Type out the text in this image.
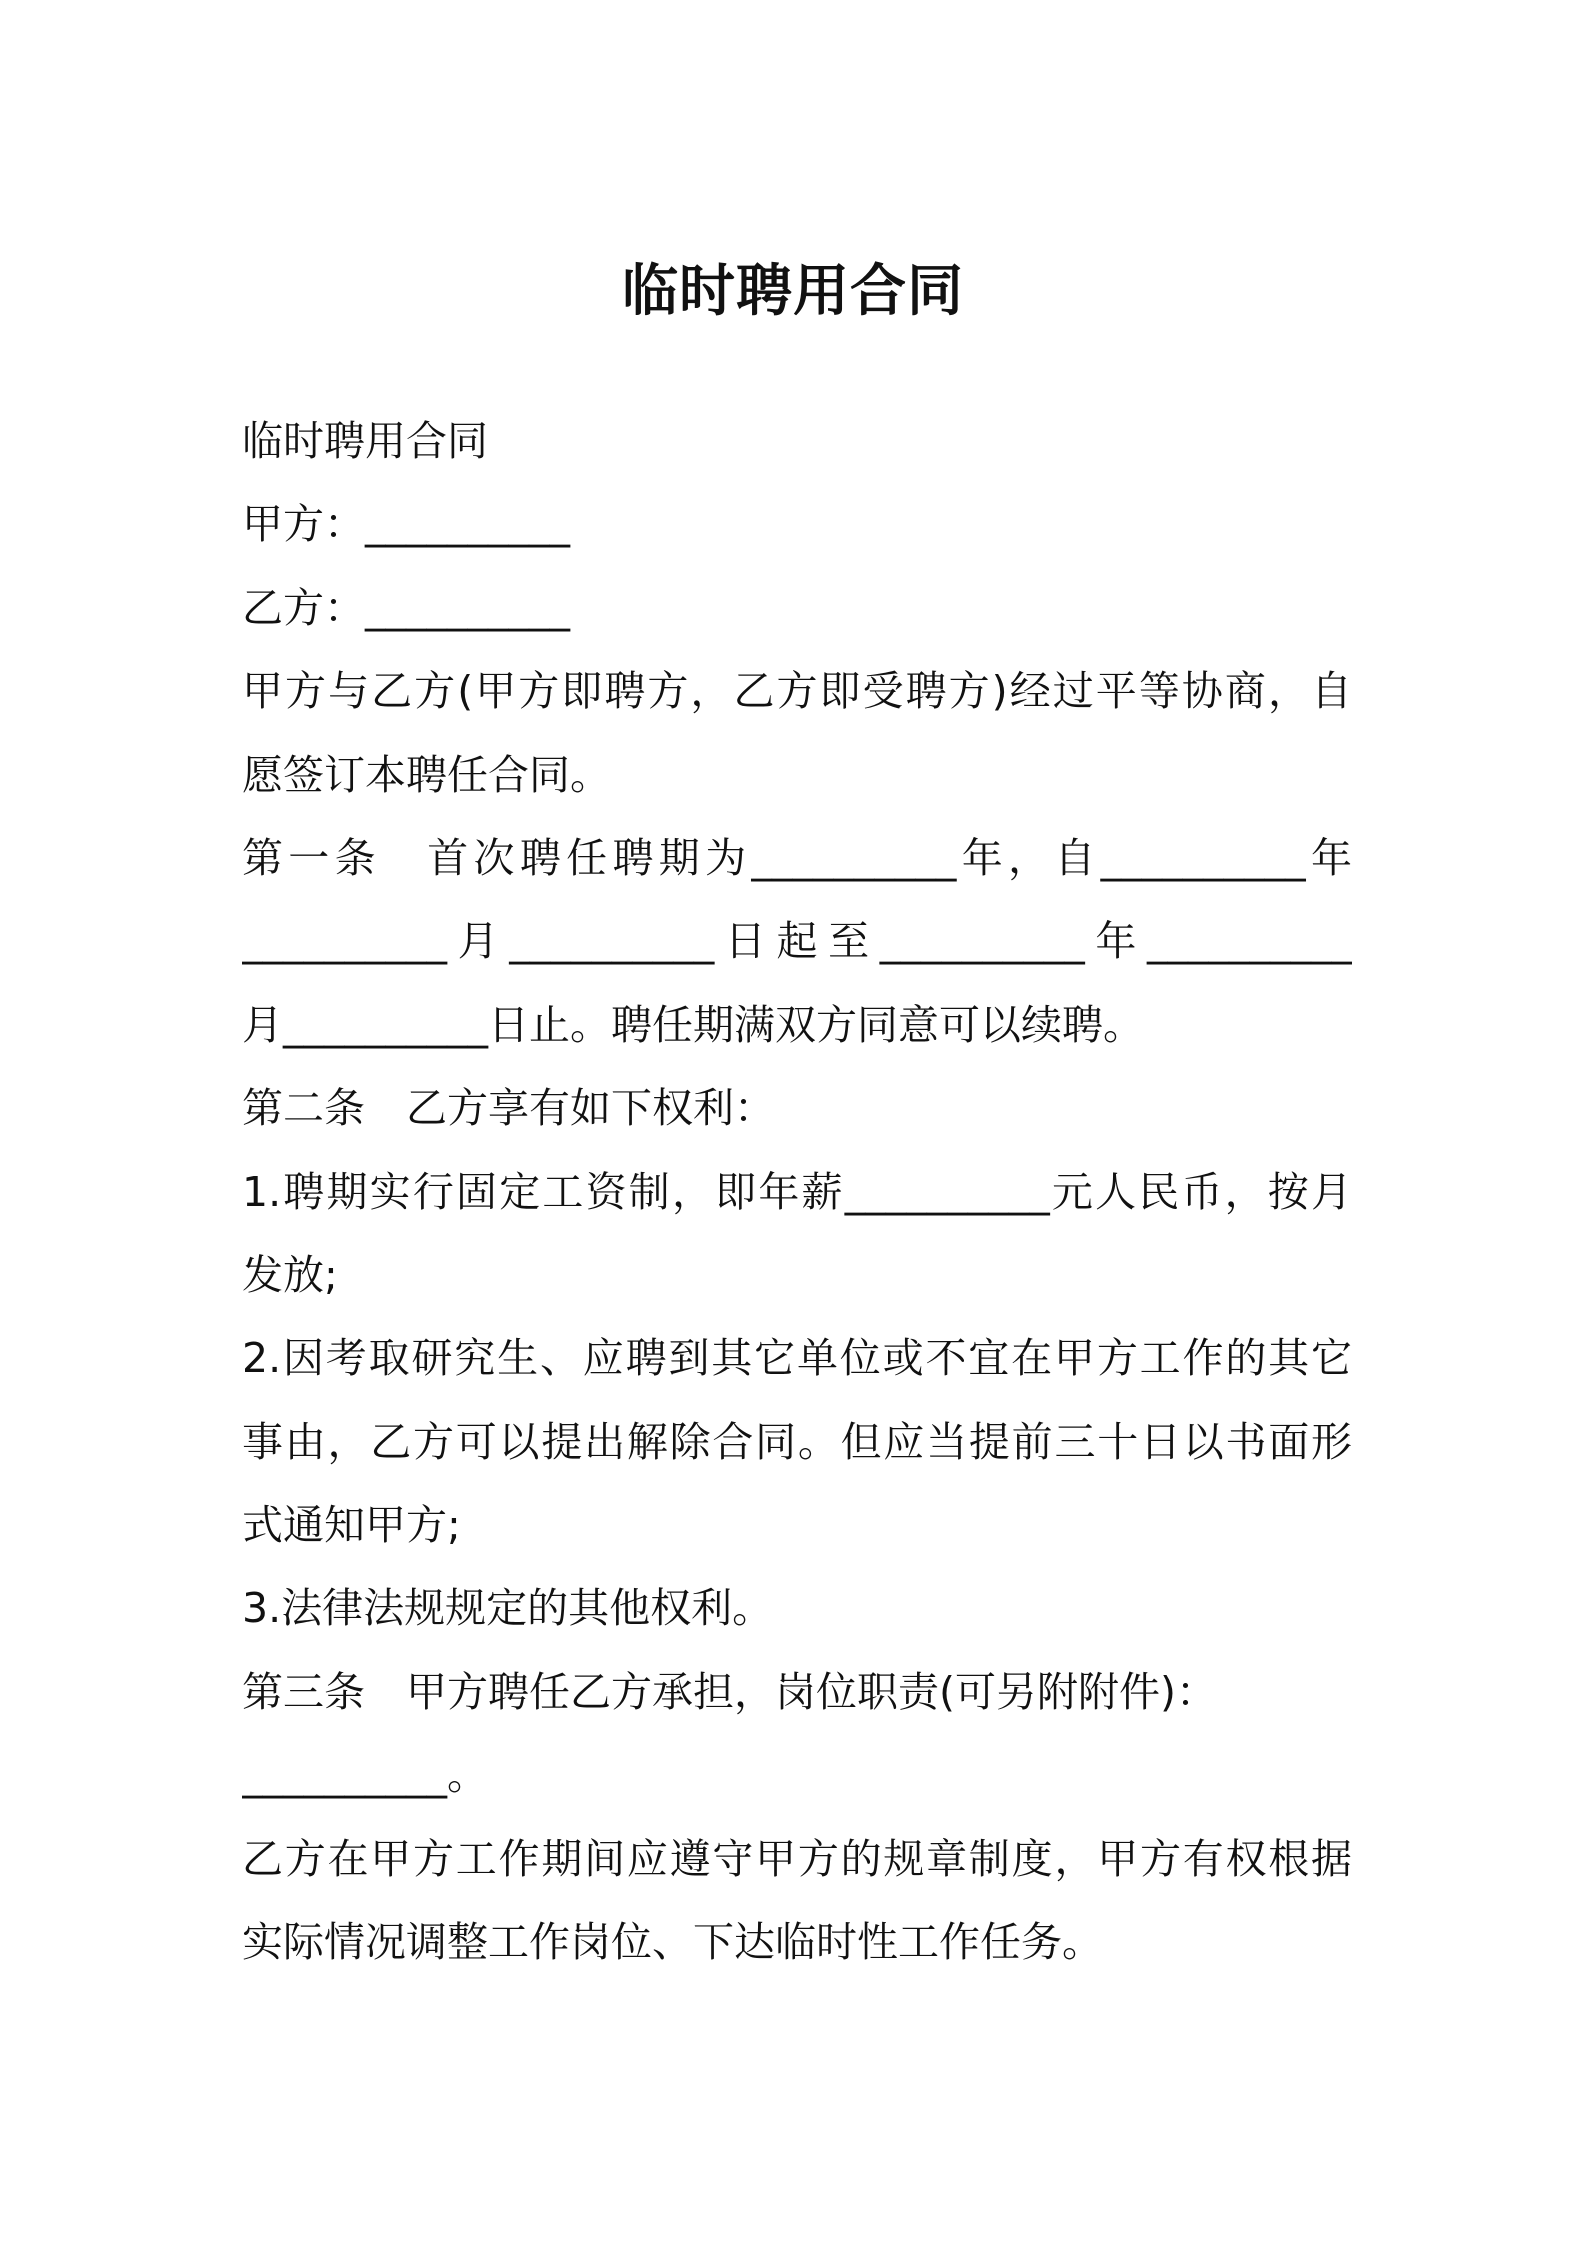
临时聘用合同

临时聘用合同

甲方：__________

乙方：__________

甲方与乙方(甲方即聘方，乙方即受聘方)经过平等协商，自

愿签订本聘任合同。

第一条　首次聘任聘期为__________年，自__________年

__________月__________日起至__________年__________

月__________日止。聘任期满双方同意可以续聘。

第二条　乙方享有如下权利：

1.聘期实行固定工资制，即年薪__________元人民币，按月

发放;

2.因考取研究生、应聘到其它单位或不宜在甲方工作的其它

事由，乙方可以提出解除合同。但应当提前三十日以书面形

式通知甲方;

3.法律法规规定的其他权利。

第三条　甲方聘任乙方承担，岗位职责(可另附附件)：

__________。

乙方在甲方工作期间应遵守甲方的规章制度，甲方有权根据

实际情况调整工作岗位、下达临时性工作任务。
